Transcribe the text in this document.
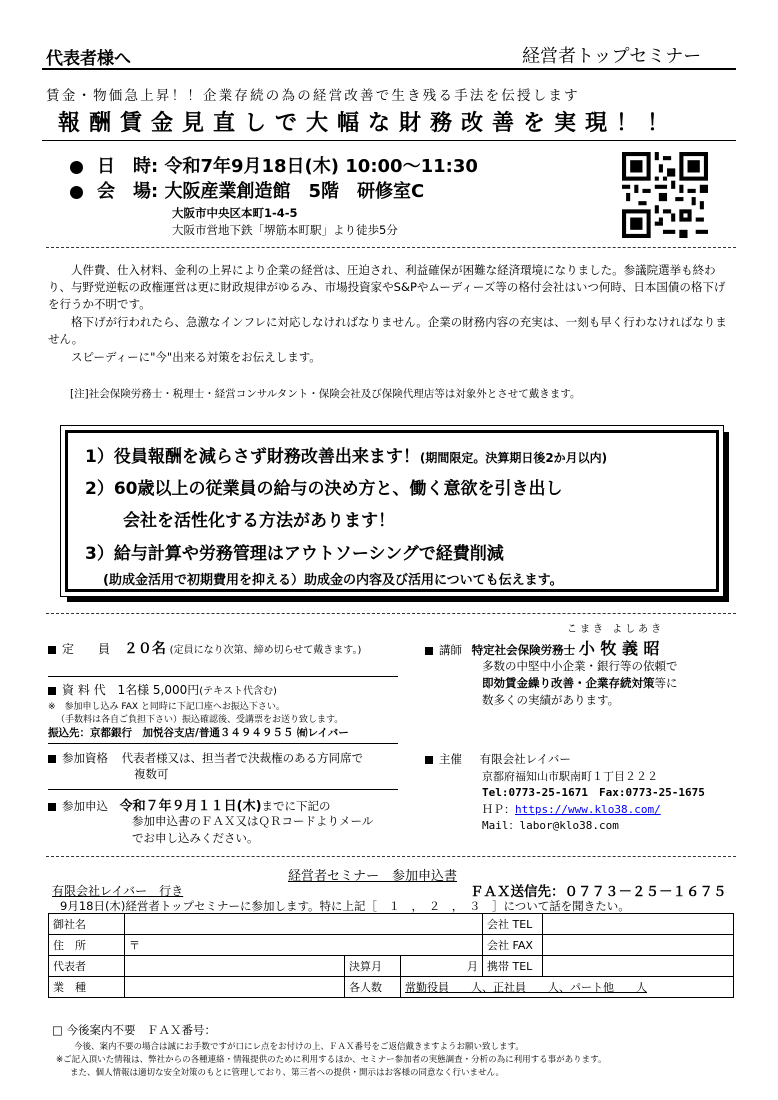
代表者様へ	経営者トップセミナー
賃金・物価急上昇！！企業存続の為の経営改善で生き残る手法を伝授します
報酬賃金見直しで大幅な財務改善を実現！！
日　時: 令和7年9月18日(木) 10:00～11:30
会　場: 大阪産業創造館　5階　研修室C
大阪市中央区本町1-4-5
大阪市営地下鉄「堺筋本町駅」より徒歩5分
人件費、仕入材料、金利の上昇により企業の経営は、圧迫され、利益確保が困難な経済環境になりました。参議院選挙も終わり、与野党逆転の政権運営は更に財政規律がゆるみ、市場投資家やS&Pやムーディーズ等の格付会社はいつ何時、日本国債の格下げを行うか不明です。
格下げが行われたら、急激なインフレに対応しなければなりません。企業の財務内容の充実は、一刻も早く行わなければなりません。
スピーディーに"今"出来る対策をお伝えします。
[注]社会保険労務士・税理士・経営コンサルタント・保険会社及び保険代理店等は対象外とさせて戴きます。
1）役員報酬を減らさず財務改善出来ます！(期間限定。決算期日後2か月以内)
2）60歳以上の従業員の給与の決め方と、働く意欲を引き出し
会社を活性化する方法があります！
3）給与計算や労務管理はアウトソーシングで経費削減
(助成金活用で初期費用を抑える）助成金の内容及び活用についても伝えます。
定　　員 ２０名 (定員になり次第、締め切らせて戴きます。)
資 料 代 1名様 5,000円(テキスト代含む)
※　参加申し込み FAX と同時に下記口座へお振込下さい。
（手数料は各自ご負担下さい）振込確認後、受講票をお送り致します。
振込先：京都銀行　加悦谷支店/普通３４９４９５５ ㈲レイバー
参加資格 代表者様又は、担当者で決裁権のある方同席で
複数可
参加申込 令和７年９月１１日(木)までに下記の
参加申込書のＦＡＸ又はＱＲコードよりメール
でお申し込みください。
こまき よしあき
講師 特定社会保険労務士 小 牧 義 昭
多数の中堅中小企業・銀行等の依頼で
即効賃金繰り改善・企業存続対策等に
数多くの実績があります。
主催 有限会社レイバー
京都府福知山市駅南町１丁目２２２
Tel:0773-25-1671　Fax:0773-25-1675
ＨＰ：https://www.klo38.com/
Mail：labor@klo38.com
経営者セミナー　参加申込書
有限会社レイバー　行き	ＦＡＸ送信先：０７７３－２５－１６７５
9月18日(木)経営者トップセミナーに参加します。特に上記［　１　，　２　，　３　］について話を聞きたい。
御社名				会社 TEL	
住　所	〒			会社 FAX	
代表者		決算月	月	携帯 TEL	
業　種		各人数	常勤役員　　人、正社員　　人、パート他　　人		
□ 今後案内不要　ＦＡＸ番号：
今後、案内不要の場合は誠にお手数ですが口にレ点をお付けの上、ＦＡＸ番号をご返信戴きますようお願い致します。
※ご記入頂いた情報は、弊社からの各種連絡・情報提供のために利用するほか、セミナー参加者の実態調査・分析の為に利用する事があります。
また、個人情報は適切な安全対策のもとに管理しており、第三者への提供・開示はお客様の同意なく行いません。
